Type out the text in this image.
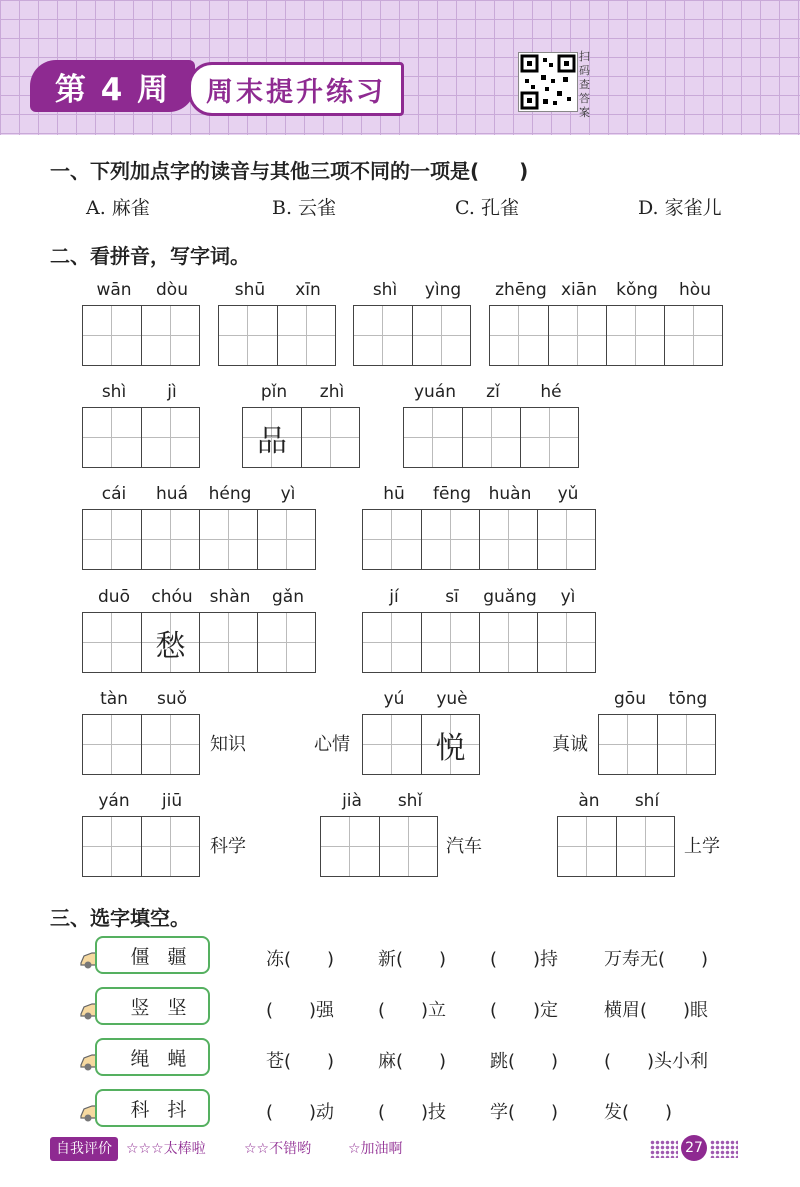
第 4 周	周末提升练习
扫码查答案
一、下列加点字的读音与其他三项不同的一项是(　　)
A. 麻雀	B. 云雀	C. 孔雀	D. 家雀儿
二、看拼音，写字词。
wān	dòu	shū	xīn	shì	yìng	zhēng xiān	kǒng	hòu
shì	jì	pǐn	zhì
品
yuán	zǐ	hé
cái	huá	héng	yì	hū	fēng	huàn	yǔ
duō	chóu shàn	gǎn
愁
jí	sī	guǎng	yì
tàn	suǒ
知识	心情
yú	yuè
悦	真诚
gōu	tōng
yán	jiū
科学
jià	shǐ
汽车
àn	shí
上学
三、选字填空。
僵疆	冻(　　) 新(　　) (　　)持	万寿无(　　)
竖坚	(　　)强 (　　)立 (　　)定	横眉(　　)眼
绳蝇	苍(　　) 麻(　　) 跳(　　)	(　　)头小利
科抖	(　　)动 (　　)技 学(　　)	发(　　)
自我评价	☆☆☆太棒啦	☆☆不错哟	☆加油啊	27
